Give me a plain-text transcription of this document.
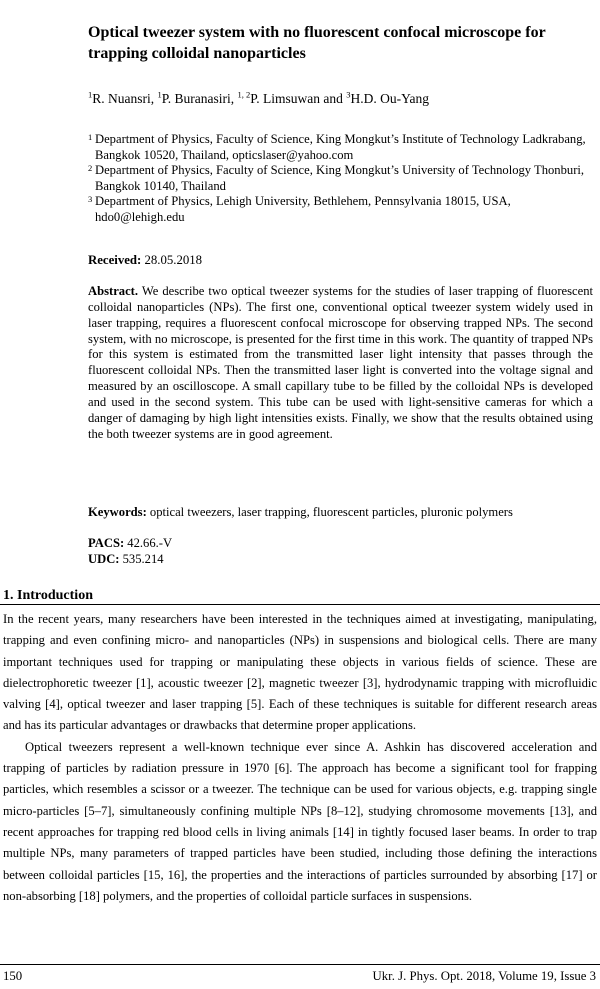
Optical tweezer system with no fluorescent confocal microscope for trapping colloidal nanoparticles
$^1$R. Nuansri, $^1$P. Buranasiri, $^{1, 2}$P. Limsuwan and $^3$H.D. Ou-Yang
1 Department of Physics, Faculty of Science, King Mongkut’s Institute of Technology Ladkrabang, Bangkok 10520, Thailand, opticslaser@yahoo.com
2 Department of Physics, Faculty of Science, King Mongkut’s University of Technology Thonburi, Bangkok 10140, Thailand
3 Department of Physics, Lehigh University, Bethlehem, Pennsylvania 18015, USA, hdo0@lehigh.edu
Received: 28.05.2018
Abstract. We describe two optical tweezer systems for the studies of laser trapping of fluorescent colloidal nanoparticles (NPs). The first one, conventional optical tweezer system widely used in laser trapping, requires a fluorescent confocal microscope for observing trapped NPs. The second system, with no microscope, is presented for the first time in this work. The quantity of trapped NPs for this system is estimated from the transmitted laser light intensity that passes through the fluorescent colloidal NPs. Then the transmitted laser light is converted into the voltage signal and measured by an oscilloscope. A small capillary tube to be filled by the colloidal NPs is developed and used in the second system. This tube can be used with light-sensitive cameras for which a danger of damaging by high light intensities exists. Finally, we show that the results obtained using the both tweezer systems are in good agreement.
Keywords: optical tweezers, laser trapping, fluorescent particles, pluronic polymers
PACS: 42.66.-V
UDC: 535.214
1. Introduction

In the recent years, many researchers have been interested in the techniques aimed at investigating, manipulating, trapping and even confining micro- and nanoparticles (NPs) in suspensions and biological cells. There are many important techniques used for trapping or manipulating these objects in various fields of science. These are dielectrophoretic tweezer [1], acoustic tweezer [2], magnetic tweezer [3], hydrodynamic trapping with microfluidic valving [4], optical tweezer and laser trapping [5]. Each of these techniques is suitable for different research areas and has its particular advantages or drawbacks that determine proper applications.

Optical tweezers represent a well-known technique ever since A. Ashkin has discovered acceleration and trapping of particles by radiation pressure in 1970 [6]. The approach has become a significant tool for frapping particles, which resembles a scissor or a tweezer. The technique can be used for various objects, e.g. trapping single micro-particles [5–7], simultaneously confining multiple NPs [8–12], studying chromosome movements [13], and recent approaches for trapping red blood cells in living animals [14] in tightly focused laser beams. In order to trap multiple NPs, many parameters of trapped particles have been studied, including those defining the interactions between colloidal particles [15, 16], the properties and the interactions of particles surrounded by absorbing [17] or non-absorbing [18] polymers, and the properties of colloidal particle surfaces in suspensions.

150	Ukr. J. Phys. Opt. 2018, Volume 19, Issue 3
